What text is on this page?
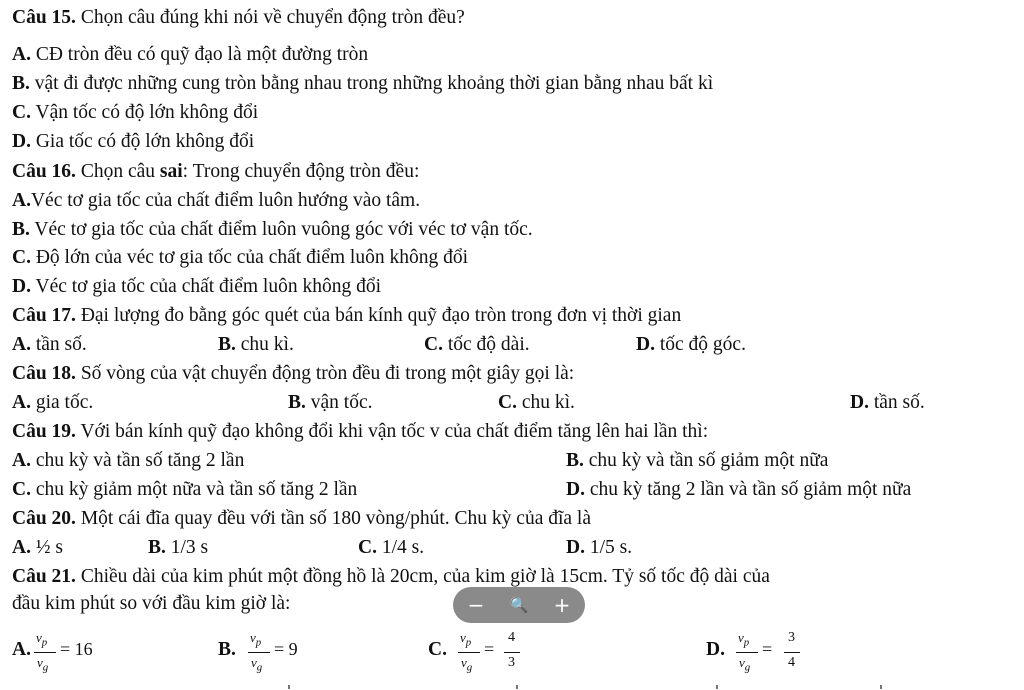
Câu 15. Chọn câu đúng khi nói về chuyển động tròn đều?
A. CĐ tròn đều có quỹ đạo là một đường tròn
B. vật đi được những cung tròn bằng nhau trong những khoảng thời gian bằng nhau bất kì
C. Vận tốc có độ lớn không đổi
D. Gia tốc có độ lớn không đổi
Câu 16. Chọn câu sai: Trong chuyển động tròn đều:
A.Véc tơ gia tốc của chất điểm luôn hướng vào tâm.
B. Véc tơ gia tốc của chất điểm luôn vuông góc với véc tơ vận tốc.
C. Độ lớn của véc tơ gia tốc của chất điểm luôn không đổi
D. Véc tơ gia tốc của chất điểm luôn không đổi
Câu 17. Đại lượng đo bằng góc quét của bán kính quỹ đạo tròn trong đơn vị thời gian
A. tần số.	B. chu kì.	C. tốc độ dài.	D. tốc độ góc.
Câu 18. Số vòng của vật chuyển động tròn đều đi trong một giây gọi là:
A. gia tốc.	B. vận tốc.	C. chu kì.	D. tần số.
Câu 19. Với bán kính quỹ đạo không đổi khi vận tốc v của chất điểm tăng lên hai lần thì:
A. chu kỳ và tần số tăng 2 lần	B. chu kỳ và tần số giảm một nữa
C. chu kỳ giảm một nữa và tần số tăng 2 lần	D. chu kỳ tăng 2 lần và tần số giảm một nữa
Câu 20. Một cái đĩa quay đều với tần số 180 vòng/phút. Chu kỳ của đĩa là
A. ½ s	B. 1/3 s	C. 1/4 s.	D. 1/5 s.
Câu 21. Chiều dài của kim phút một đồng hồ là 20cm, của kim giờ là 15cm. Tỷ số tốc độ dài của
đầu kim phút so với đầu kim giờ là:
A.
$v_p$
$v_g$
= 16	B.
$v_p$
$v_g$
= 9	C.
$v_p$
$v_g$
=
4
3
D.
$v_p$
$v_g$
=
3
4
−	🔍 +
